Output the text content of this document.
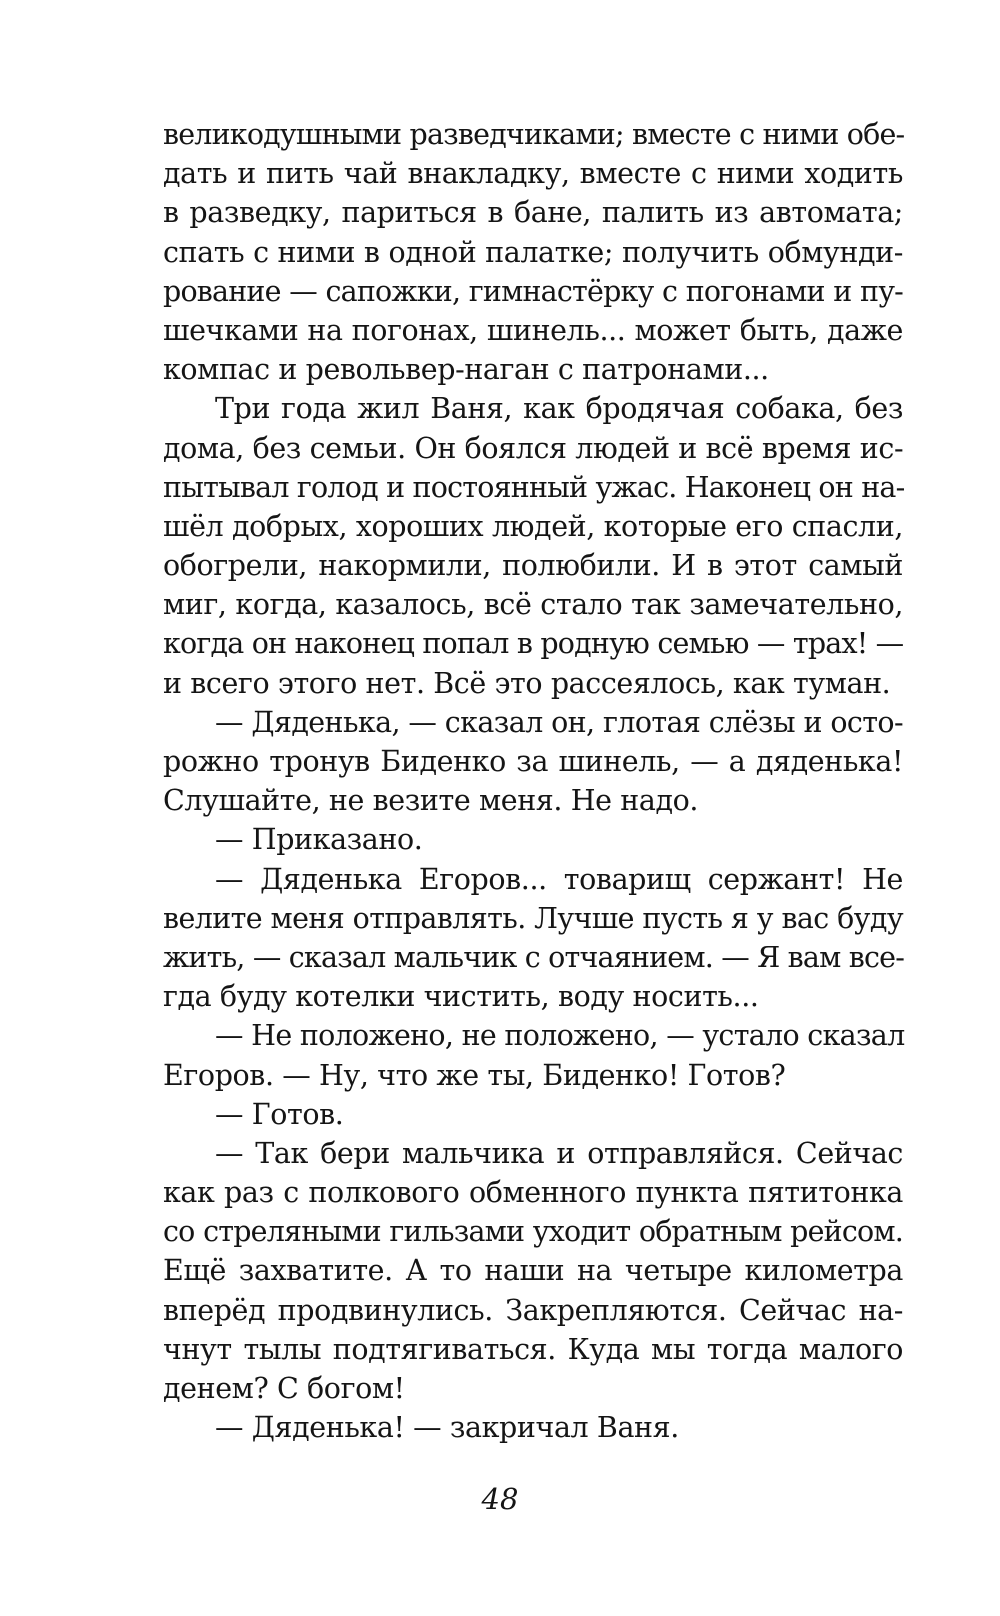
великодушными разведчиками; вместе с ними обе-
дать и пить чай внакладку, вместе с ними ходить
в разведку, париться в бане, палить из автомата;
спать с ними в одной палатке; получить обмунди-
рование — сапожки, гимнастёрку с погонами и пу-
шечками на погонах, шинель... может быть, даже
компас и револьвер-наган с патронами...
Три года жил Ваня, как бродячая собака, без
дома, без семьи. Он боялся людей и всё время ис-
пытывал голод и постоянный ужас. Наконец он на-
шёл добрых, хороших людей, которые его спасли,
обогрели, накормили, полюбили. И в этот самый
миг, когда, казалось, всё стало так замечательно,
когда он наконец попал в родную семью — трах! —
и всего этого нет. Всё это рассеялось, как туман.
— Дяденька, — сказал он, глотая слёзы и осто-
рожно тронув Биденко за шинель, — а дяденька!
Слушайте, не везите меня. Не надо.
— Приказано.
— Дяденька Егоров... товарищ сержант! Не
велите меня отправлять. Лучше пусть я у вас буду
жить, — сказал мальчик с отчаянием. — Я вам все-
гда буду котелки чистить, воду носить...
— Не положено, не положено, — устало сказал
Егоров. — Ну, что же ты, Биденко! Готов?
— Готов.
— Так бери мальчика и отправляйся. Сейчас
как раз с полкового обменного пункта пятитонка
со стреляными гильзами уходит обратным рейсом.
Ещё захватите. А то наши на четыре километра
вперёд продвинулись. Закрепляются. Сейчас на-
чнут тылы подтягиваться. Куда мы тогда малого
денем? С богом!
— Дяденька! — закричал Ваня.
48
